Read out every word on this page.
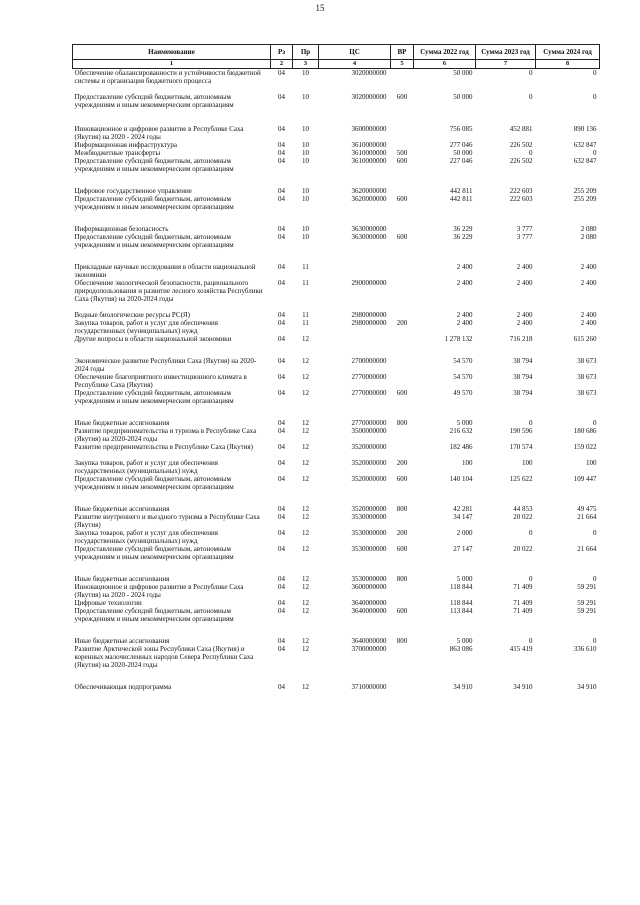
15
Наименование	Рз	Пр	ЦС	ВР	Сумма 2022 год	Сумма 2023 год	Сумма 2024 год
1	2	3	4	5	6	7	8
Обеспечение обалансированности и устойчивости бюджетной системы и организация бюджетного процесса	04	10	3020000000		50 000	0	0
Предоставление субсидий бюджетным, автономным учреждениям и иным некоммерческим организациям	04	10	3020000000	600	50 000	0	0

Инновационное и цифровое развитие в Республике Саха (Якутия) на 2020 - 2024 годы	04	10	3600000000		756 085	452 881	890 136
Информационная инфраструктура	04	10	3610000000		277 046	226 502	632 847
Межбюджетные трансферты	04	10	3610000000	500	50 000	0	0
Предоставление субсидий бюджетным, автономным учреждениям и иным некоммерческим организациям	04	10	3610000000	600	227 046	226 502	632 847

Цифровое государственное управление	04	10	3620000000		442 811	222 603	255 209
Предоставление субсидий бюджетным, автономным учреждениям и иным некоммерческим организациям	04	10	3620000000	600	442 811	222 603	255 209

Информационная безопасность	04	10	3630000000		36 229	3 777	2 080
Предоставление субсидий бюджетным, автономным учреждениям и иным некоммерческим организациям	04	10	3630000000	600	36 229	3 777	2 080

Прикладные научные исследования в области национальной экономики	04	11			2 400	2 400	2 400
Обеспечение экологической безопасности, рационального природопользования и развитие лесного хозяйства Республики Саха (Якутия) на 2020-2024 годы	04	11	2900000000		2 400	2 400	2 400
Водные биологические ресурсы РС(Я)	04	11	2980000000		2 400	2 400	2 400
Закупка товаров, работ и услуг для обеспечения государственных (муниципальных) нужд	04	11	2980000000	200	2 400	2 400	2 400
Другие вопросы в области национальной экономики	04	12			1 278 132	716 218	615 260

Экономическое развитие Республики Саха (Якутия) на 2020-2024 годы	04	12	2700000000		54 570	38 794	38 673
Обеспечение благоприятного инвестиционного климата в Республике Саха (Якутия)	04	12	2770000000		54 570	38 794	38 673
Предоставление субсидий бюджетным, автономным учреждениям и иным некоммерческим организациям	04	12	2770000000	600	49 570	38 794	38 673

Иные бюджетные ассигнования	04	12	2770000000	800	5 000	0	0
Развитие предпринимательства и туризма в Республике Саха (Якутия) на 2020-2024 годы	04	12	3500000000		216 632	190 596	180 686
Развитие предпринимательства в Республике Саха (Якутия)	04	12	3520000000		182 486	170 574	159 022
Закупка товаров, работ и услуг для обеспечения государственных (муниципальных) нужд	04	12	3520000000	200	100	100	100
Предоставление субсидий бюджетным, автономным учреждениям и иным некоммерческим организациям	04	12	3520000000	600	140 104	125 622	109 447

Иные бюджетные ассигнования	04	12	3520000000	800	42 281	44 853	49 475
Развитие внутреннего и въездного туризма в Республике Саха (Якутия)	04	12	3530000000		34 147	20 022	21 664
Закупка товаров, работ и услуг для обеспечения государственных (муниципальных) нужд	04	12	3530000000	200	2 000	0	0
Предоставление субсидий бюджетным, автономным учреждениям и иным некоммерческим организациям	04	12	3530000000	600	27 147	20 022	21 664

Иные бюджетные ассигнования	04	12	3530000000	800	5 000	0	0
Инновационное и цифровое развитие в Республике Саха (Якутия) на 2020 - 2024 годы	04	12	3600000000		118 844	71 409	59 291
Цифровые технологии	04	12	3640000000		118 844	71 409	59 291
Предоставление субсидий бюджетным, автономным учреждениям и иным некоммерческим организациям	04	12	3640000000	600	113 844	71 409	59 291

Иные бюджетные ассигнования	04	12	3640000000	800	5 000	0	0
Развитие Арктической зоны Республики Саха (Якутия) и коренных малочисленных народов Севера Республики Саха (Якутия) на 2020-2024 годы	04	12	3700000000		863 086	415 419	336 610

Обеспечивающая подпрограмма	04	12	3710000000		34 910	34 910	34 910
